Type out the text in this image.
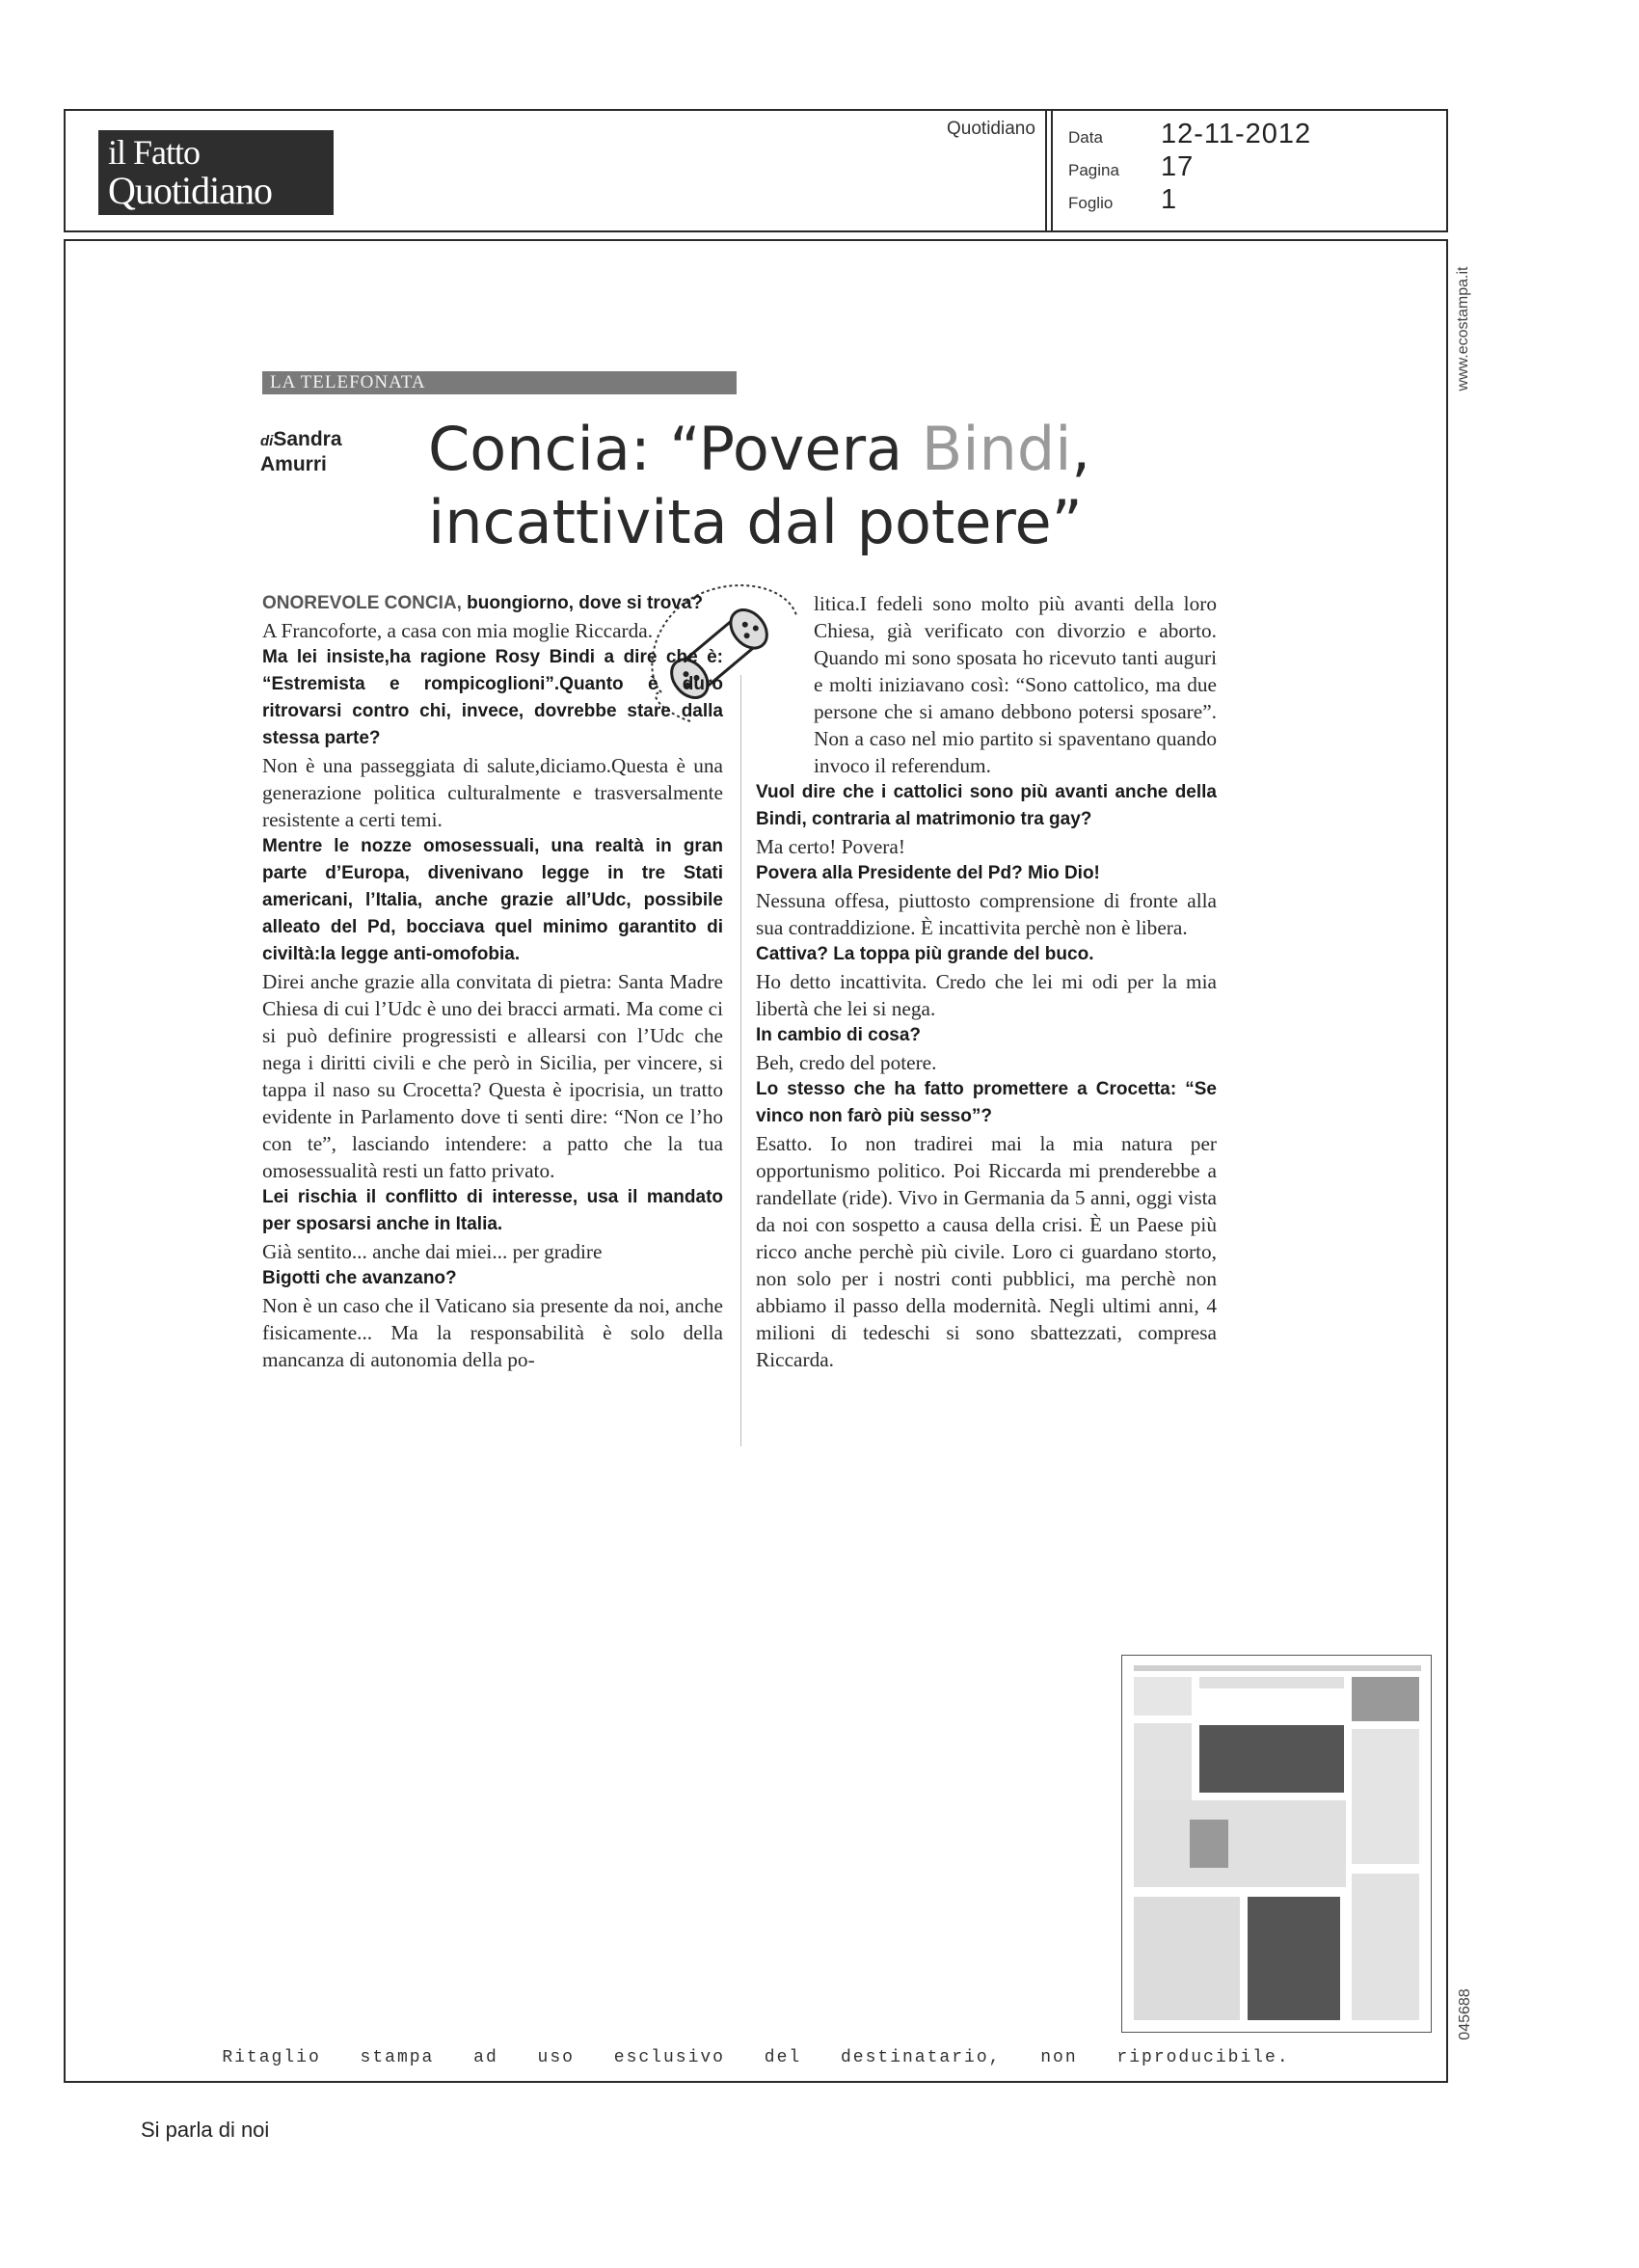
il Fatto
Quotidiano
Quotidiano Data	12-11-2012
Pagina	17
Foglio	1
www.ecostampa.it
045688
LA TELEFONATA
diSandra
Amurri	Concia: “Povera Bindi,
incattivita dal potere”

ONOREVOLE CONCIA, buongiorno, dove si trova?

A Francoforte, a casa con mia moglie Riccarda.

Ma lei insiste,ha ragione Rosy Bindi a dire che è: “Estremista e rompicoglioni”.Quanto è duro ritrovarsi contro chi, invece, dovrebbe stare dalla stessa parte?

Non è una passeggiata di salute,diciamo.Questa è una generazione politica culturalmente e trasversalmente resistente a certi temi.

Mentre le nozze omosessuali, una realtà in gran parte d’Europa, divenivano legge in tre Stati americani, l’Italia, anche grazie all’Udc, possibile alleato del Pd, bocciava quel minimo garantito di civiltà:la legge anti-omofobia.

Direi anche grazie alla convitata di pietra: Santa Madre Chiesa di cui l’Udc è uno dei bracci armati. Ma come ci si può definire progressisti e allearsi con l’Udc che nega i diritti civili e che però in Sicilia, per vincere, si tappa il naso su Crocetta? Questa è ipocrisia, un tratto evidente in Parlamento dove ti senti dire: “Non ce l’ho con te”, lasciando intendere: a patto che la tua omosessualità resti un fatto privato.

Lei rischia il conflitto di interesse, usa il mandato per sposarsi anche in Italia.

Già sentito... anche dai miei... per gradire

Bigotti che avanzano?

Non è un caso che il Vaticano sia presente da noi, anche fisicamente... Ma la responsabilità è solo della mancanza di autonomia della po-

litica.I fedeli sono molto più avanti della loro Chiesa, già verificato con divorzio e aborto. Quando mi sono sposata ho ricevuto tanti auguri e molti iniziavano così: “Sono cattolico, ma due persone che si amano debbono potersi sposare”. Non a caso nel mio partito si spaventano quando invoco il referendum.

Vuol dire che i cattolici sono più avanti anche della Bindi, contraria al matrimonio tra gay?

Ma certo! Povera!

Povera alla Presidente del Pd? Mio Dio!

Nessuna offesa, piuttosto comprensione di fronte alla sua contraddizione. È incattivita perchè non è libera.

Cattiva? La toppa più grande del buco.

Ho detto incattivita. Credo che lei mi odi per la mia libertà che lei si nega.

In cambio di cosa?

Beh, credo del potere.

Lo stesso che ha fatto promettere a Crocetta: “Se vinco non farò più sesso”?

Esatto. Io non tradirei mai la mia natura per opportunismo politico. Poi Riccarda mi prenderebbe a randellate (ride). Vivo in Germania da 5 anni, oggi vista da noi con sospetto a causa della crisi. È un Paese più ricco anche perchè più civile. Loro ci guardano storto, non solo per i nostri conti pubblici, ma perchè non abbiamo il passo della modernità. Negli ultimi anni, 4 milioni di tedeschi si sono sbattezzati, compresa Riccarda.

Ritaglio stampa ad uso esclusivo del destinatario, non riproducibile.
Si parla di noi
